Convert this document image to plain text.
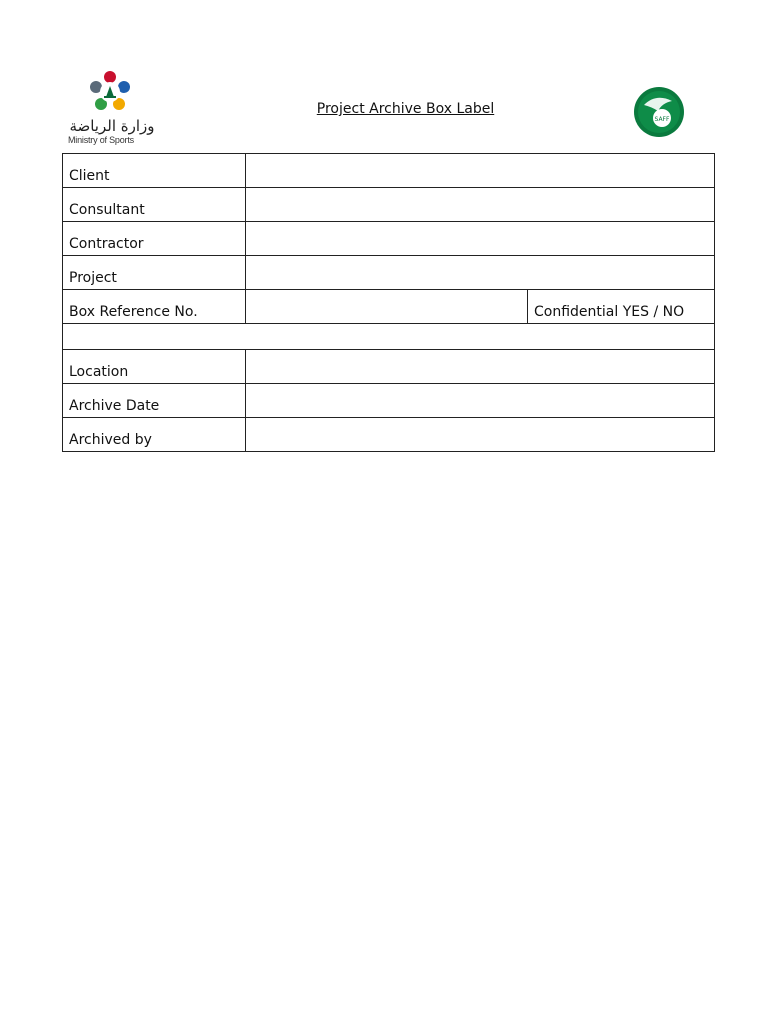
وزارة الرياضة
Ministry of Sports
Project Archive Box Label
SAFF
Client		
Consultant		
Contractor		
Project		
Box Reference No.		Confidential YES / NO

Location		
Archive Date		
Archived by		
